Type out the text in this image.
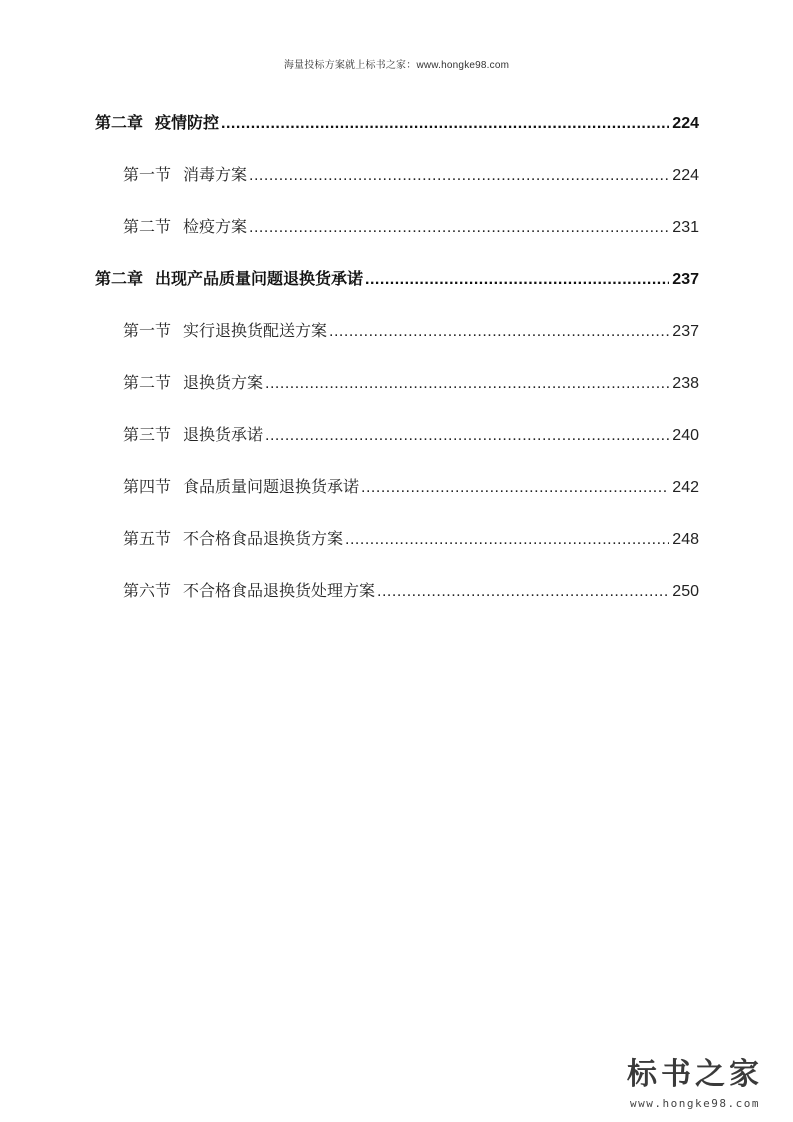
海量投标方案就上标书之家：www.hongke98.com
第二章 疫情防控 .....	224
第一节 消毒方案 .....	224
第二节 检疫方案 .....	231
第二章 出现产品质量问题退换货承诺 .....	237
第一节 实行退换货配送方案 .....	237
第二节 退换货方案 .....	238
第三节 退换货承诺 .....	240
第四节 食品质量问题退换货承诺 .....	242
第五节 不合格食品退换货方案 .....	248
第六节 不合格食品退换货处理方案 .....	250
标书之家
www.hongke98.com
